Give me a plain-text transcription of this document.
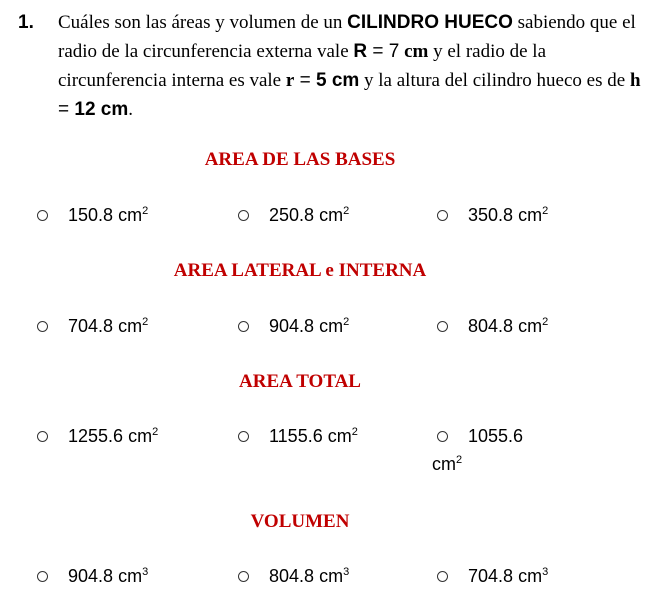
1. Cuáles son las áreas y volumen de un CILINDRO HUECO sabiendo que el radio de la circunferencia externa vale R = 7 cm y el radio de la circunferencia interna es vale r = 5 cm y la altura del cilindro hueco es de h = 12 cm.
AREA DE LAS BASES
150.8
$cm^2$	250.8
$cm^2$	350.8
$cm^2$
AREA LATERAL e INTERNA
704.8
$cm^2$	904.8
$cm^2$	804.8
$cm^2$
AREA TOTAL
1255.6
$cm^2$	1155.6
$cm^2$	1055.6
$cm^2$
VOLUMEN
904.8
$cm^3$	804.8
$cm^3$	704.8
$cm^3$
